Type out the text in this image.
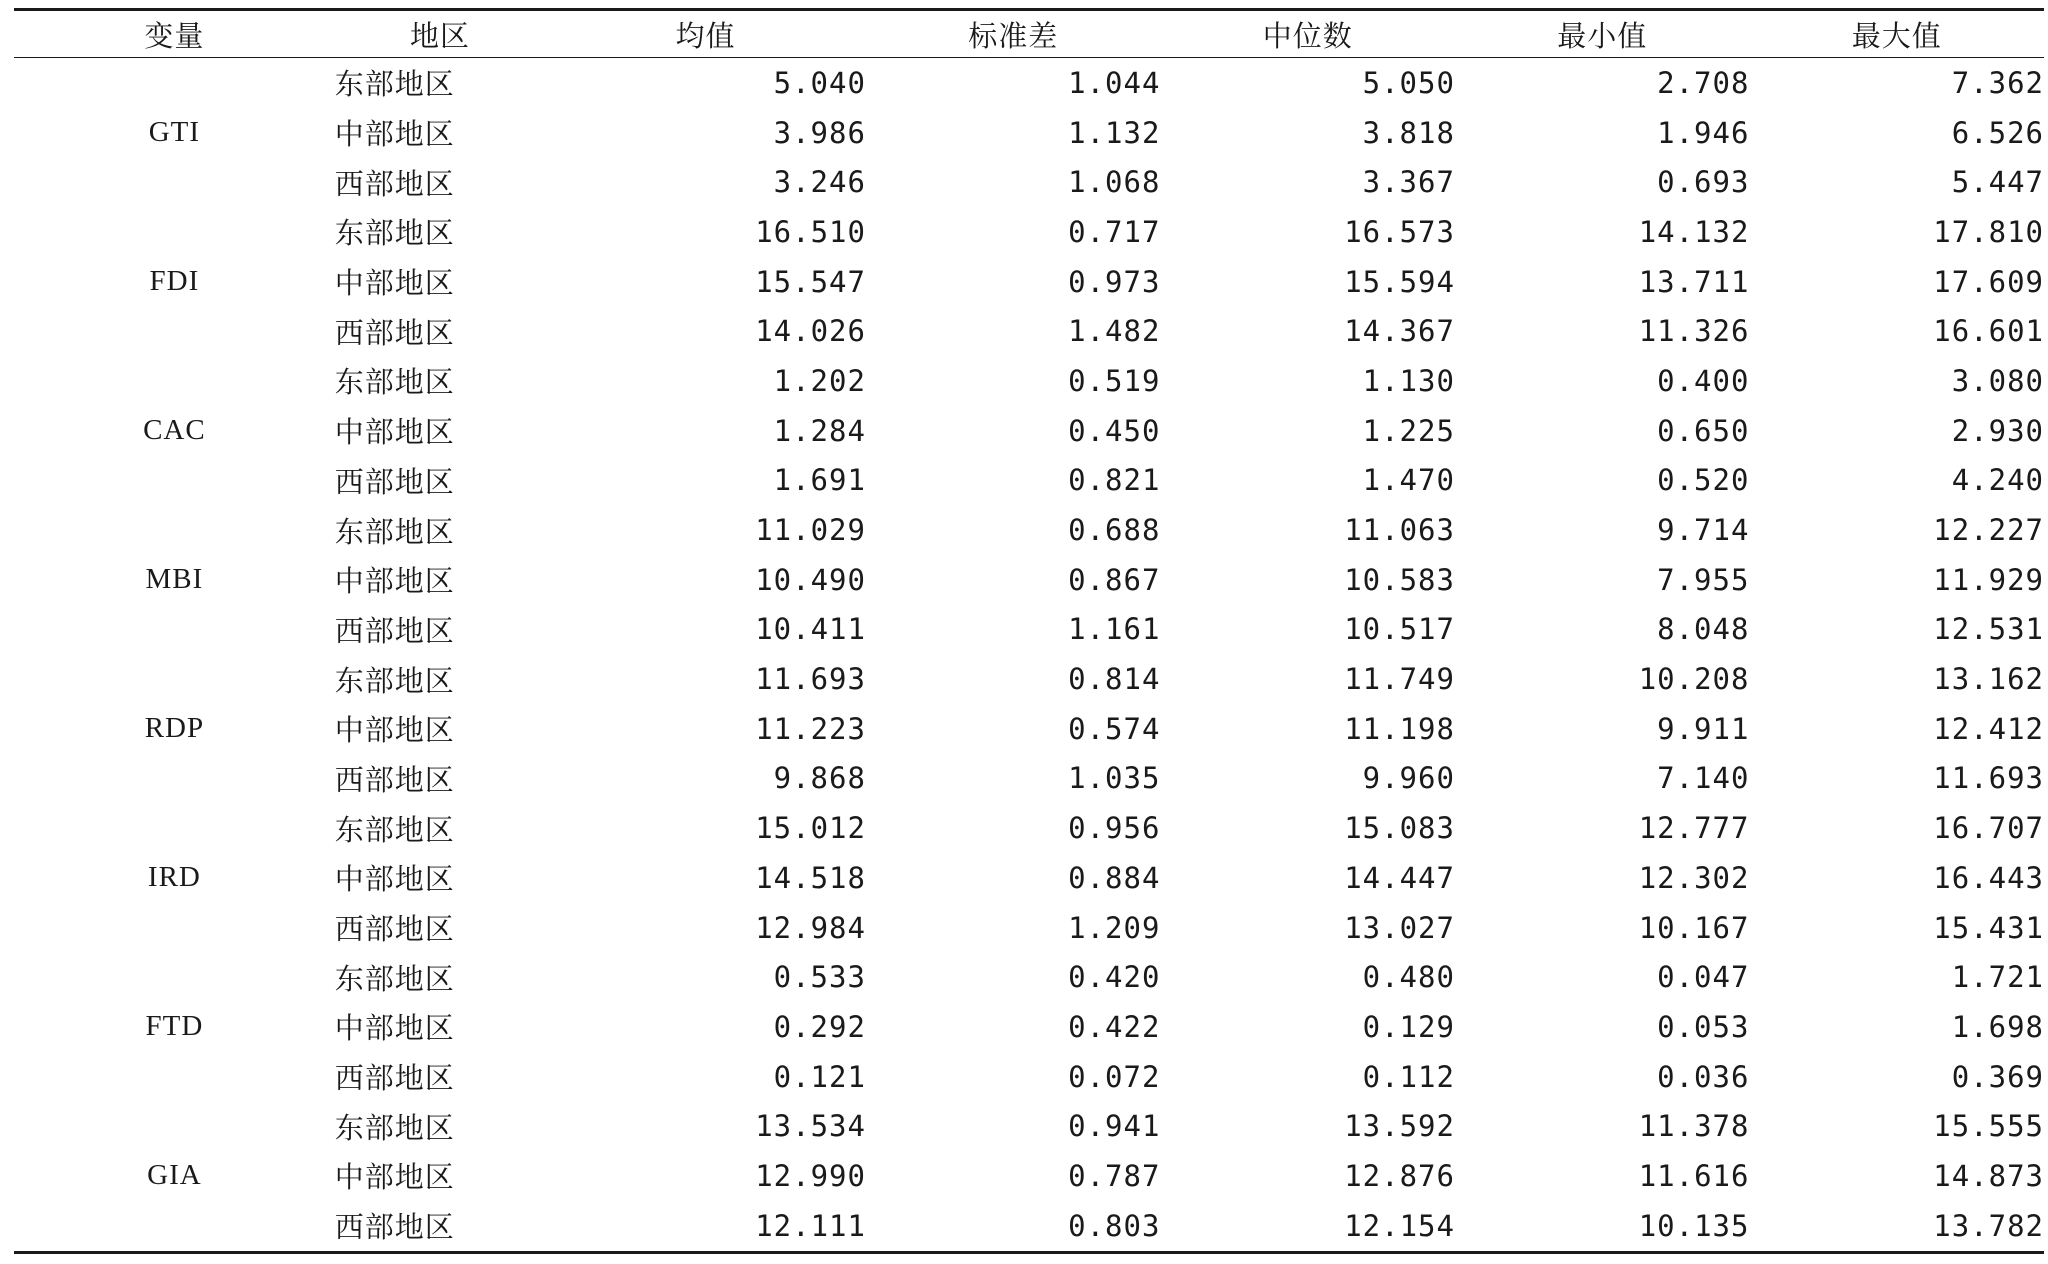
变量	地区	均值	标准差	中位数	最小值	最大值

GTI	东部地区	5.040	1.044	5.050	2.708	7.362
	中部地区	3.986	1.132	3.818	1.946	6.526
	西部地区	3.246	1.068	3.367	0.693	5.447
FDI	东部地区	16.510	0.717	16.573	14.132	17.810
	中部地区	15.547	0.973	15.594	13.711	17.609
	西部地区	14.026	1.482	14.367	11.326	16.601
CAC	东部地区	1.202	0.519	1.130	0.400	3.080
	中部地区	1.284	0.450	1.225	0.650	2.930
	西部地区	1.691	0.821	1.470	0.520	4.240
MBI	东部地区	11.029	0.688	11.063	9.714	12.227
	中部地区	10.490	0.867	10.583	7.955	11.929
	西部地区	10.411	1.161	10.517	8.048	12.531
RDP	东部地区	11.693	0.814	11.749	10.208	13.162
	中部地区	11.223	0.574	11.198	9.911	12.412
	西部地区	9.868	1.035	9.960	7.140	11.693
IRD	东部地区	15.012	0.956	15.083	12.777	16.707
	中部地区	14.518	0.884	14.447	12.302	16.443
	西部地区	12.984	1.209	13.027	10.167	15.431
FTD	东部地区	0.533	0.420	0.480	0.047	1.721
	中部地区	0.292	0.422	0.129	0.053	1.698
	西部地区	0.121	0.072	0.112	0.036	0.369
GIA	东部地区	13.534	0.941	13.592	11.378	15.555
	中部地区	12.990	0.787	12.876	11.616	14.873
	西部地区	12.111	0.803	12.154	10.135	13.782
